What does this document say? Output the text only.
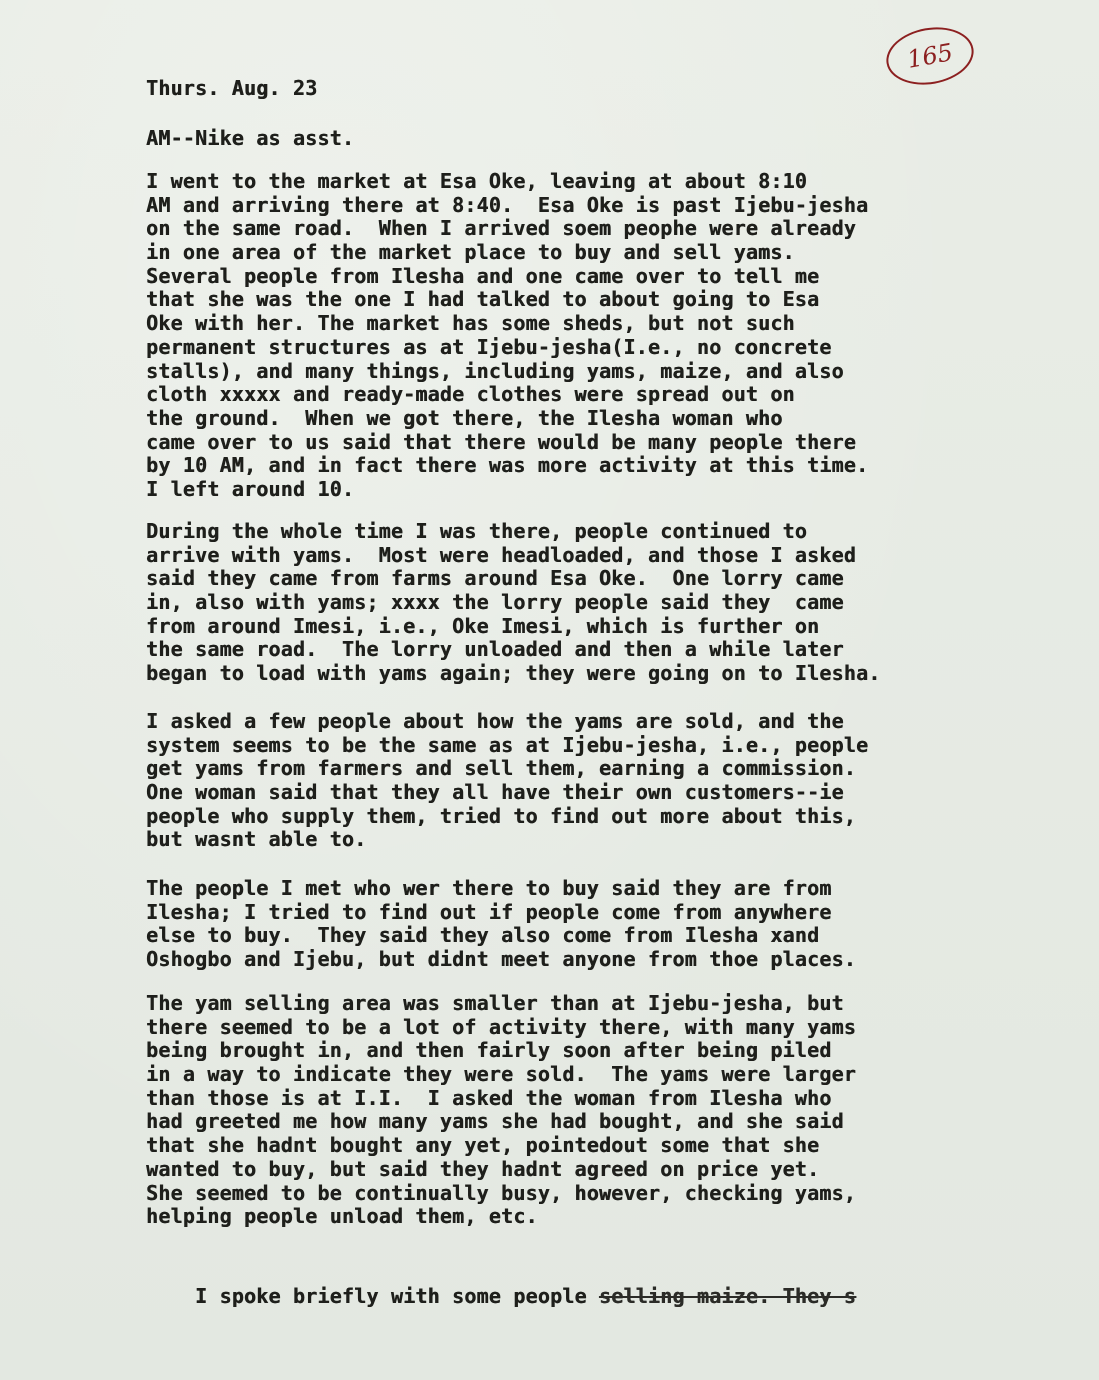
165
Thurs. Aug. 23
AM--Nike as asst.
I went to the market at Esa Oke, leaving at about 8:10
AM and arriving there at 8:40.  Esa Oke is past Ijebu-jesha
on the same road.  When I arrived soem peophe were already
in one area of the market place to buy and sell yams.
Several people from Ilesha and one came over to tell me
that she was the one I had talked to about going to Esa
Oke with her. The market has some sheds, but not such
permanent structures as at Ijebu-jesha(I.e., no concrete
stalls), and many things, including yams, maize, and also
cloth xxxxx and ready-made clothes were spread out on
the ground.  When we got there, the Ilesha woman who
came over to us said that there would be many people there
by 10 AM, and in fact there was more activity at this time.
I left around 10.
During the whole time I was there, people continued to
arrive with yams.  Most were headloaded, and those I asked
said they came from farms around Esa Oke.  One lorry came
in, also with yams; xxxx the lorry people said they  came
from around Imesi, i.e., Oke Imesi, which is further on
the same road.  The lorry unloaded and then a while later
began to load with yams again; they were going on to Ilesha.
I asked a few people about how the yams are sold, and the
system seems to be the same as at Ijebu-jesha, i.e., people
get yams from farmers and sell them, earning a commission.
One woman said that they all have their own customers--ie
people who supply them, tried to find out more about this,
but wasnt able to.
The people I met who wer there to buy said they are from
Ilesha; I tried to find out if people come from anywhere
else to buy.  They said they also come from Ilesha xand
Oshogbo and Ijebu, but didnt meet anyone from thoe places.
The yam selling area was smaller than at Ijebu-jesha, but
there seemed to be a lot of activity there, with many yams
being brought in, and then fairly soon after being piled
in a way to indicate they were sold.  The yams were larger
than those is at I.I.  I asked the woman from Ilesha who
had greeted me how many yams she had bought, and she said
that she hadnt bought any yet, pointedout some that she
wanted to buy, but said they hadnt agreed on price yet.
She seemed to be continually busy, however, checking yams,
helping people unload them, etc.

I spoke briefly with some people selling maize. They s
